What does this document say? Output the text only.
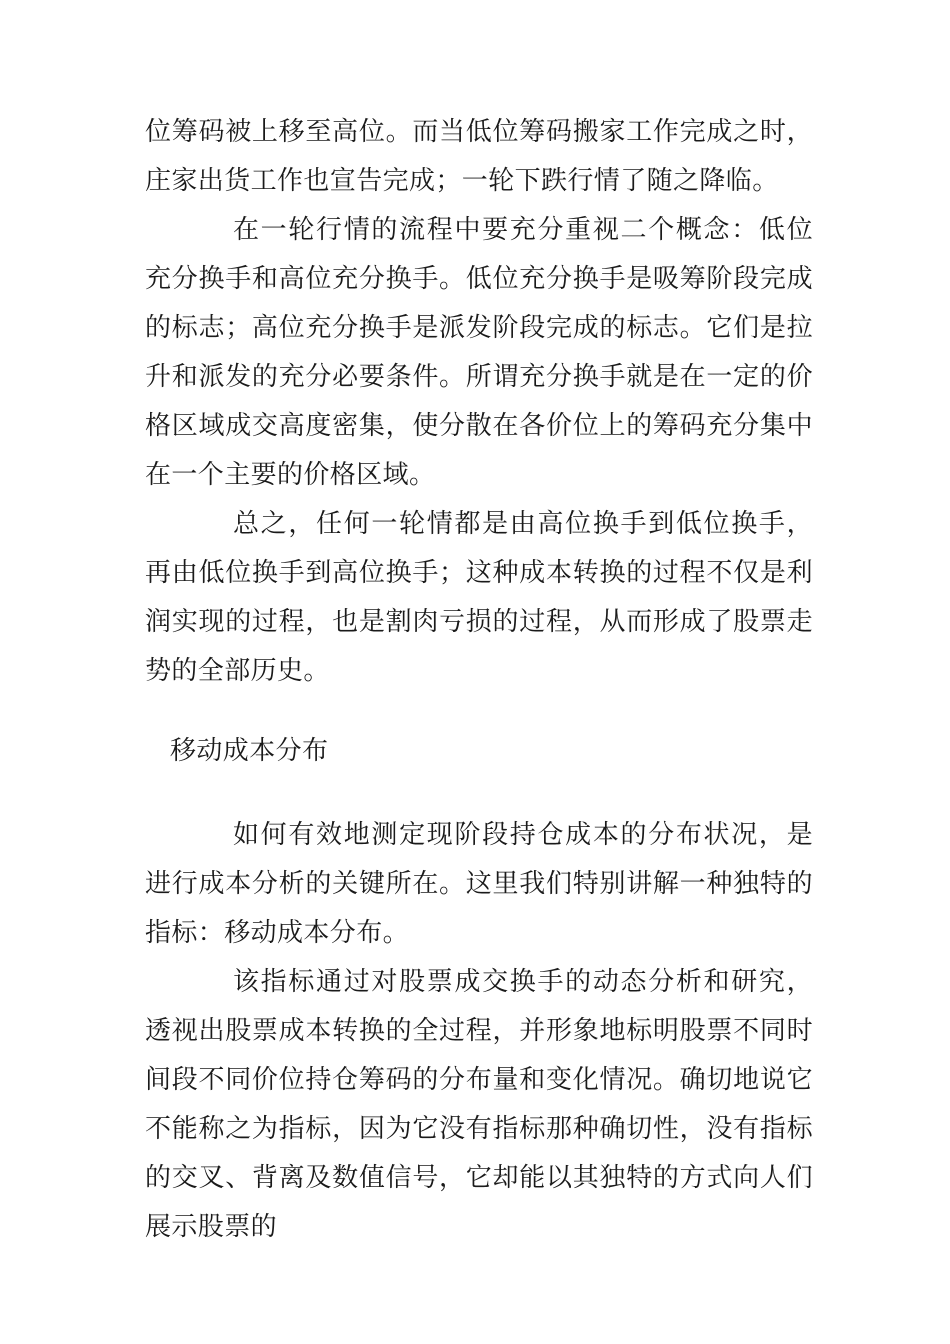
位筹码被上移至高位。而当低位筹码搬家工作完成之时，庄家出货工作也宣告完成；一轮下跌行情了随之降临。

在一轮行情的流程中要充分重视二个概念：低位充分换手和高位充分换手。低位充分换手是吸筹阶段完成的标志；高位充分换手是派发阶段完成的标志。它们是拉升和派发的充分必要条件。所谓充分换手就是在一定的价格区域成交高度密集，使分散在各价位上的筹码充分集中在一个主要的价格区域。

总之，任何一轮情都是由高位换手到低位换手，再由低位换手到高位换手；这种成本转换的过程不仅是利润实现的过程，也是割肉亏损的过程，从而形成了股票走势的全部历史。

移动成本分布

如何有效地测定现阶段持仓成本的分布状况，是进行成本分析的关键所在。这里我们特别讲解一种独特的指标：移动成本分布。

该指标通过对股票成交换手的动态分析和研究，透视出股票成本转换的全过程，并形象地标明股票不同时间段不同价位持仓筹码的分布量和变化情况。确切地说它不能称之为指标，因为它没有指标那种确切性，没有指标的交叉、背离及数值信号，它却能以其独特的方式向人们展示股票的
